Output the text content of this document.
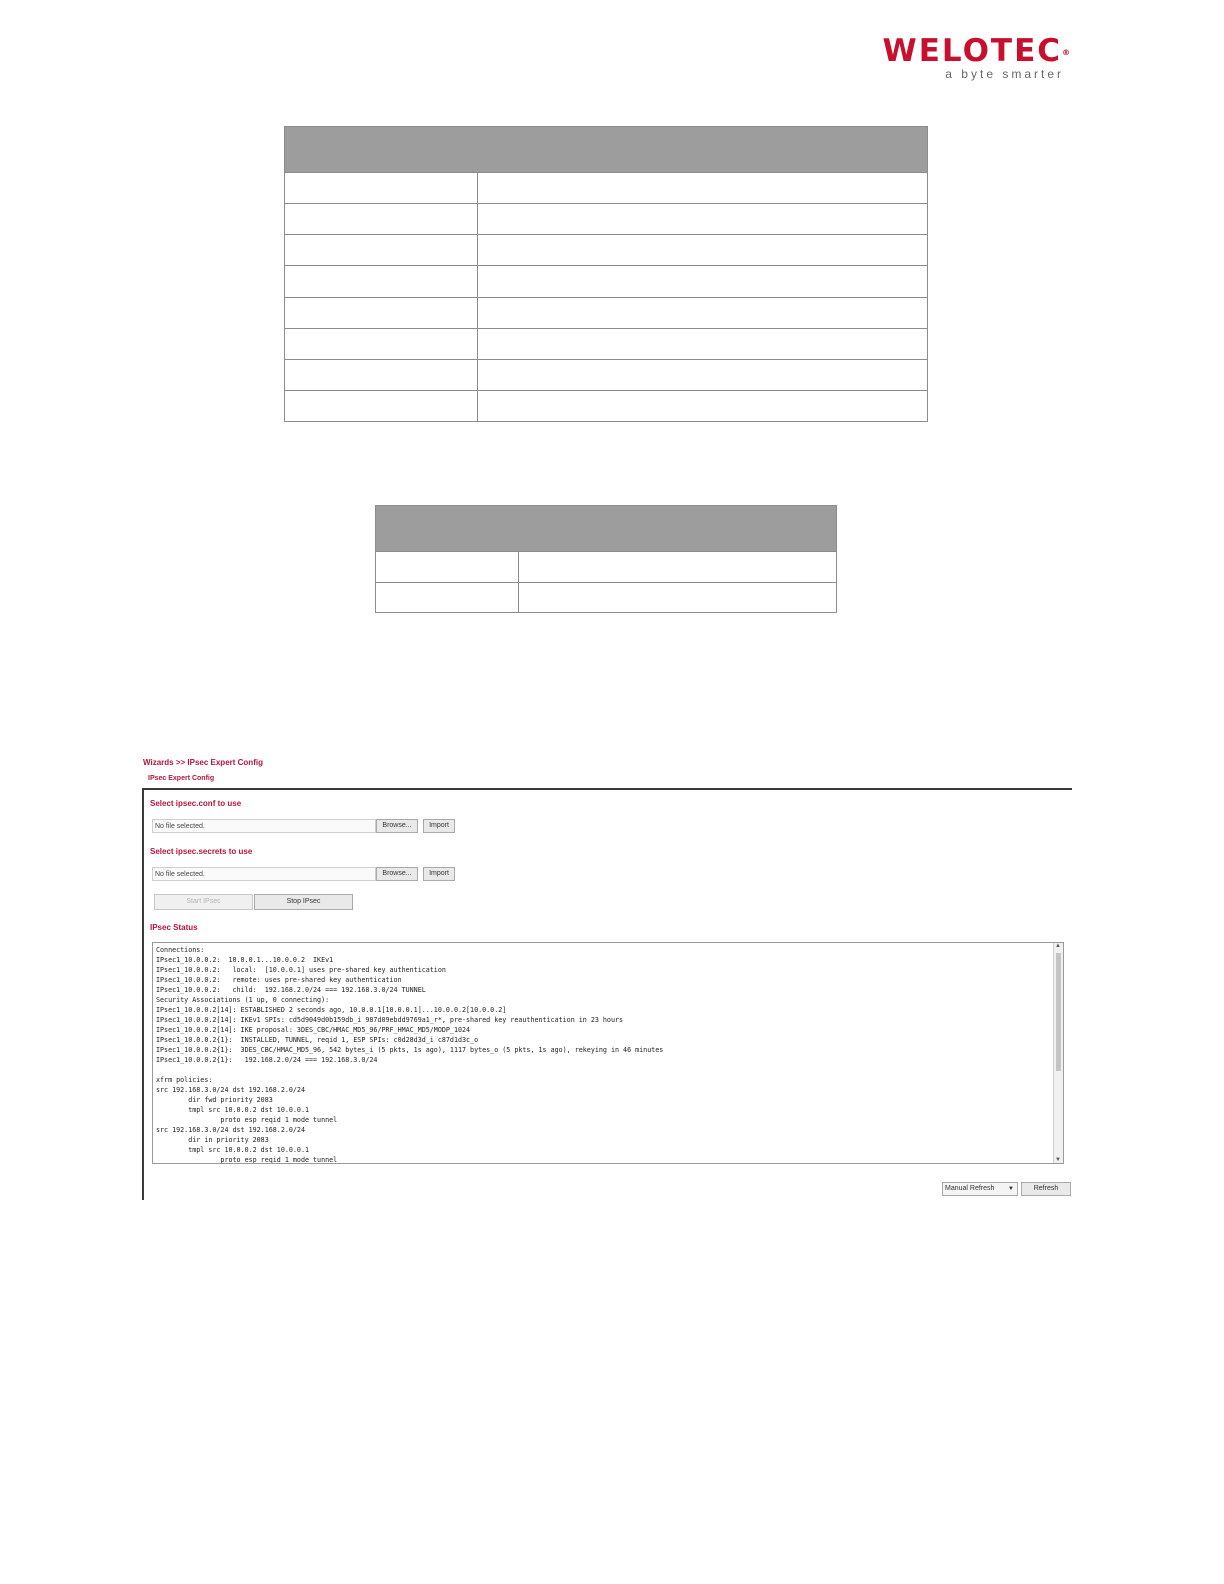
WELOTEC®
a byte smarter

Wizards >> IPsec Expert Config
IPsec Expert Config
Select ipsec.conf to use
No file selected.	Browse...	Import
Select ipsec.secrets to use
No file selected.	Browse...	Import
Start IPsec	Stop IPsec
IPsec Status
Connections:
IPsec1_10.0.0.2:  10.0.0.1...10.0.0.2  IKEv1
IPsec1_10.0.0.2:   local:  [10.0.0.1] uses pre-shared key authentication
IPsec1_10.0.0.2:   remote: uses pre-shared key authentication
IPsec1_10.0.0.2:   child:  192.168.2.0/24 === 192.168.3.0/24 TUNNEL
Security Associations (1 up, 0 connecting):
IPsec1_10.0.0.2[14]: ESTABLISHED 2 seconds ago, 10.0.0.1[10.0.0.1]...10.0.0.2[10.0.0.2]
IPsec1_10.0.0.2[14]: IKEv1 SPIs: cd5d9049d0b159db_i 987d09ebdd9769a1_r*, pre-shared key reauthentication in 23 hours
IPsec1_10.0.0.2[14]: IKE proposal: 3DES_CBC/HMAC_MD5_96/PRF_HMAC_MD5/MODP_1024
IPsec1_10.0.0.2{1}:  INSTALLED, TUNNEL, reqid 1, ESP SPIs: c0d28d3d_i c87d1d3c_o
IPsec1_10.0.0.2{1}:  3DES_CBC/HMAC_MD5_96, 542 bytes_i (5 pkts, 1s ago), 1117 bytes_o (5 pkts, 1s ago), rekeying in 46 minutes
IPsec1_10.0.0.2{1}:   192.168.2.0/24 === 192.168.3.0/24

xfrm policies:
src 192.168.3.0/24 dst 192.168.2.0/24
dir fwd priority 2083
tmpl src 10.0.0.2 dst 10.0.0.1
proto esp reqid 1 mode tunnel
src 192.168.3.0/24 dst 192.168.2.0/24
dir in priority 2083
tmpl src 10.0.0.2 dst 10.0.0.1
proto esp reqid 1 mode tunnel
▲
▼
Manual Refresh ▼	Refresh
